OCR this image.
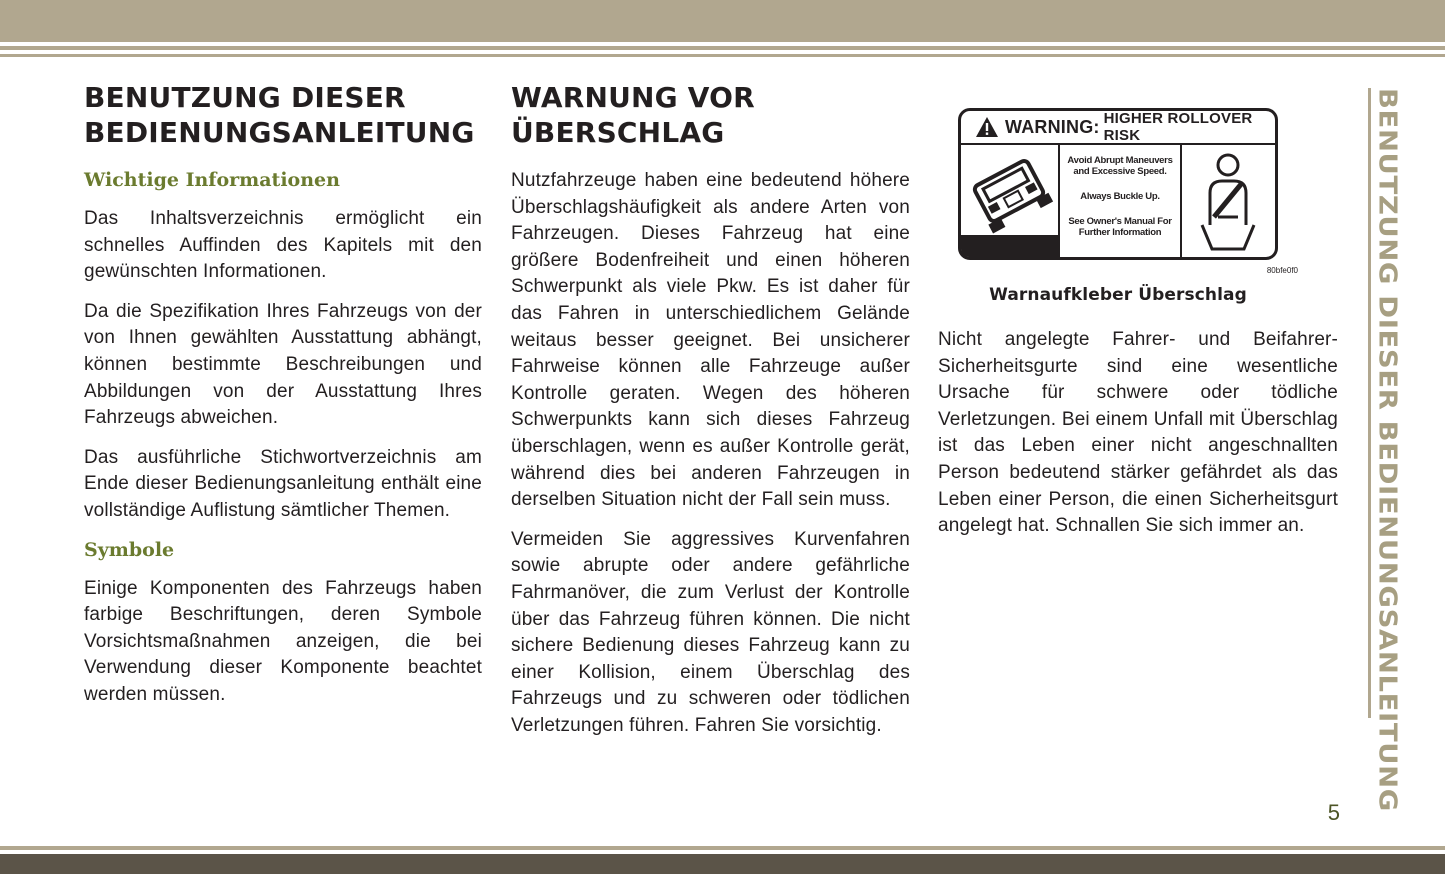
BENUTZUNG DIESER
BEDIENUNGSANLEITUNG
Wichtige Informationen

Das Inhaltsverzeichnis ermöglicht ein schnelles Auffinden des Kapitels mit den gewünschten Informationen.

Da die Spezifikation Ihres Fahrzeugs von der von Ihnen gewählten Ausstattung abhängt, können bestimmte Beschreibungen und Abbildungen von der Ausstattung Ihres Fahrzeugs abweichen.

Das ausführliche Stichwortverzeichnis am Ende dieser Bedienungsanleitung enthält eine vollständige Auflistung sämtlicher Themen.

Symbole

Einige Komponenten des Fahrzeugs haben farbige Beschriftungen, deren Symbole Vorsichtsmaßnahmen anzeigen, die bei Verwendung dieser Komponente beachtet werden müssen.

WARNUNG VOR
ÜBERSCHLAG

Nutzfahrzeuge haben eine bedeutend höhere Überschlagshäufigkeit als andere Arten von Fahrzeugen. Dieses Fahrzeug hat eine größere Bodenfreiheit und einen höheren Schwerpunkt als viele Pkw. Es ist daher für das Fahren in unterschiedlichem Gelände weitaus besser geeignet. Bei unsicherer Fahrweise können alle Fahrzeuge außer Kontrolle geraten. Wegen des höheren Schwerpunkts kann sich dieses Fahrzeug überschlagen, wenn es außer Kontrolle gerät, während dies bei anderen Fahrzeugen in derselben Situation nicht der Fall sein muss.

Vermeiden Sie aggressives Kurvenfahren sowie abrupte oder andere gefährliche Fahrmanöver, die zum Verlust der Kontrolle über das Fahrzeug führen können. Die nicht sichere Bedienung dieses Fahrzeug kann zu einer Kollision, einem Überschlag des Fahrzeugs und zu schweren oder tödlichen Verletzungen führen. Fahren Sie vorsichtig.

WARNING: HIGHER ROLLOVER RISK
Avoid Abrupt Maneuvers and Excessive Speed.
Always Buckle Up.
See Owner's Manual For Further Information
80bfe0f0
Warnaufkleber Überschlag

Nicht angelegte Fahrer- und Beifahrer-Sicherheitsgurte sind eine wesentliche Ursache für schwere oder tödliche Verletzungen. Bei einem Unfall mit Überschlag ist das Leben einer nicht angeschnallten Person bedeutend stärker gefährdet als das Leben einer Person, die einen Sicherheitsgurt angelegt hat. Schnallen Sie sich immer an.	BENUTZUNG DIESER BEDIENUNGSANLEITUNG
5
